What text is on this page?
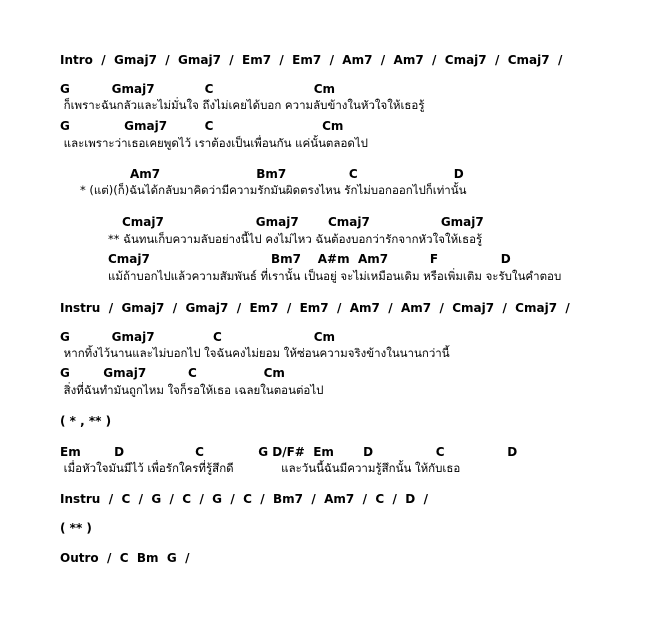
Intro  /  Gmaj7  /  Gmaj7  /  Em7  /  Em7  /  Am7  /  Am7  /  Cmaj7  /  Cmaj7  /
G          Gmaj7            C                        Cm
ก็เพราะฉันกลัวและไม่มั่นใจ ถึงไม่เคยได้บอก ความลับข้างในหัวใจให้เธอรู้
G             Gmaj7         C                          Cm
และเพราะว่าเธอเคยพูดไว้ เราต้องเป็นเพื่อนกัน แค่นั้นตลอดไป
Am7                       Bm7               C                       D
* (แต่)(ก็)ฉันได้กลับมาคิดว่ามีความรักมันผิดตรงไหน รักไม่บอกออกไปก็เท่านั้น
Cmaj7                      Gmaj7       Cmaj7                 Gmaj7
** ฉันทนเก็บความลับอย่างนี้ไป คงไม่ไหว ฉันต้องบอกว่ารักจากหัวใจให้เธอรู้
Cmaj7                             Bm7    A#m  Am7          F               D
แม้ถ้าบอกไปแล้วความสัมพันธ์ ที่เรานั้น เป็นอยู่ จะไม่เหมือนเดิม หรือเพิ่มเติม จะรับในคำตอบ
Instru  /  Gmaj7  /  Gmaj7  /  Em7  /  Em7  /  Am7  /  Am7  /  Cmaj7  /  Cmaj7  /
G          Gmaj7              C                      Cm
หากทิ้งไว้นานและไม่บอกไป ใจฉันคงไม่ยอม ให้ซ่อนความจริงข้างในนานกว่านี้
G        Gmaj7          C                Cm
สิ่งที่ฉันทำมันถูกไหม ใจก็รอให้เธอ เฉลยในตอนต่อไป
( * , ** )
Em        D                 C             G D/F#  Em       D               C               D
เมื่อหัวใจมันมีไว้ เพื่อรักใครที่รู้สึกดี             และวันนี้ฉันมีความรู้สึกนั้น ให้กับเธอ
Instru  /  C  /  G  /  C  /  G  /  C  /  Bm7  /  Am7  /  C  /  D  /
( ** )
Outro  /  C  Bm  G  /
